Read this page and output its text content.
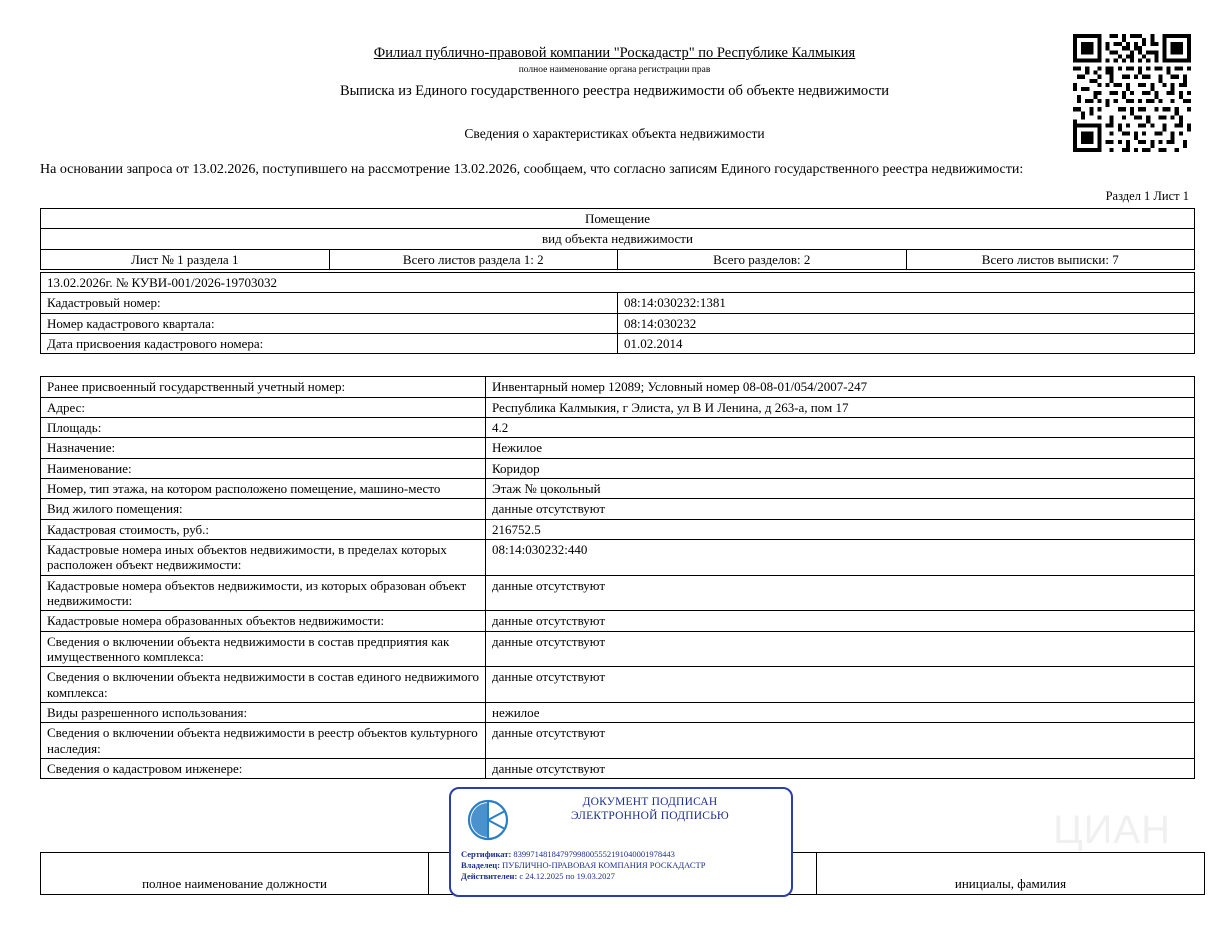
Филиал публично-правовой компании "Роскадастр" по Республике Калмыкия
полное наименование органа регистрации прав
Выписка из Единого государственного реестра недвижимости об объекте недвижимости
Сведения о характеристиках объекта недвижимости
На основании запроса от 13.02.2026, поступившего на рассмотрение 13.02.2026, сообщаем, что согласно записям Единого государственного реестра недвижимости:
Раздел 1 Лист 1
Помещение
вид объекта недвижимости
Лист № 1 раздела 1	Всего листов раздела 1: 2	Всего разделов: 2	Всего листов выписки: 7
13.02.2026г. № КУВИ-001/2026-19703032	
Кадастровый номер:	08:14:030232:1381
Номер кадастрового квартала:	08:14:030232
Дата присвоения кадастрового номера:	01.02.2014
Ранее присвоенный государственный учетный номер:	Инвентарный номер 12089; Условный номер 08-08-01/054/2007-247
Адрес:	Республика Калмыкия, г Элиста, ул В И Ленина, д 263-а, пом 17
Площадь:	4.2
Назначение:	Нежилое
Наименование:	Коридор
Номер, тип этажа, на котором расположено помещение, машино-место	Этаж № цокольный
Вид жилого помещения:	данные отсутствуют
Кадастровая стоимость, руб.:	216752.5
Кадастровые номера иных объектов недвижимости, в пределах которых расположен объект недвижимости:	08:14:030232:440
Кадастровые номера объектов недвижимости, из которых образован объект недвижимости:	данные отсутствуют
Кадастровые номера образованных объектов недвижимости:	данные отсутствуют
Сведения о включении объекта недвижимости в состав предприятия как имущественного комплекса:	данные отсутствуют
Сведения о включении объекта недвижимости в состав единого недвижимого комплекса:	данные отсутствуют
Виды разрешенного использования:	нежилое
Сведения о включении объекта недвижимости в реестр объектов культурного наследия:	данные отсутствуют
Сведения о кадастровом инженере:	данные отсутствуют
ЦИАН
полное наименование должности		инициалы, фамилия
ДОКУМЕНТ ПОДПИСАН
ЭЛЕКТРОННОЙ ПОДПИСЬЮ
Сертификат: 83997148184797998005552191040001978443
Владелец: ПУБЛИЧНО-ПРАВОВАЯ КОМПАНИЯ РОСКАДАСТР
Действителен: с 24.12.2025 по 19.03.2027
